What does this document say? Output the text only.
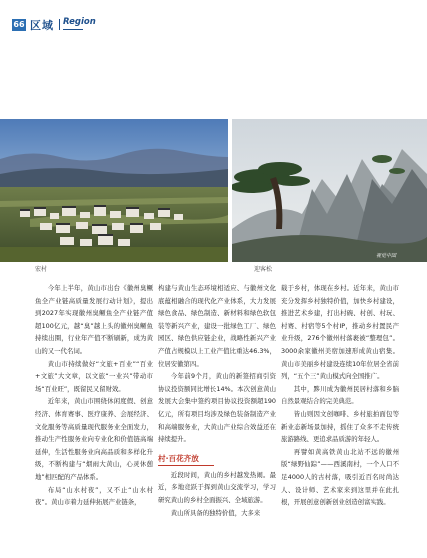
66 区域 Region
视觉中国
宏村	迎客松

今年上半年，黄山市出台《徽州臭鳜鱼全产业链高质量发展行动计划》，提出到2027年实现徽州臭鳜鱼全产业链产值超100亿元，越“臭”越上头的徽州臭鳜鱼持续出圈，行业年产值不断刷新，成为黄山的又一代名词。

黄山市持续做好“文旅+百业”“百业+文旅”大文章，以文旅“一业兴”带动市场“百业旺”，既留民又留财效。

近年来，黄山市围绕休闲度假、创意经济、体育赛事、医疗康养、会展经济、文化服务等高质量现代服务业全面发力，推动生产性服务业向专业化和价值链高端延伸，生活性服务业向高品质和多样化升级，不断构建与“烟雨大黄山，心灵休憩地”相匹配的产品体系。

布局“山水村夜”，又不止“山水村夜”。黄山市着力延伸拓展产业链条，

构建与黄山生态环境相适应、与徽州文化底蕴相融合的现代化产业体系，大力发展绿色食品、绿色制造、新材料和绿色软包装等新兴产业，建设一批绿色工厂、绿色园区、绿色供应链企业，战略性新兴产业产值占规模以上工业产值比重达46.3%，位居安徽第四。

今年前9个月，黄山的新签招商引资协议投资额同比增长14%。本次创意黄山发展大会集中签约项目协议投资额超190亿元，所有项目均涉及绿色装备制造产业和高端服务业，大黄山产业综合效益还在持续提升。

村·百花齐放

近段时间，黄山的乡村越发热闹。最近，多地竞跃于挥到黄山交流学习，学习研究黄山的乡村全面振兴、全域旅游。

黄山所具备的独特价值，大多来

载于乡村，体现在乡村。近年来，黄山市充分发挥乡村独特价值，加快乡村建设，推进艺术乡建，打出村碗、村创、村玩、村赛、村宿等5个村IP，推动乡村置民产业升级，276个徽州村落裹被“整理包”。3000余家徽州美宿加速形成黄山宿集。黄山市美丽乡村建设连续10年位居全省前列，“五个三”黄山模式向全国推广。

其中，黟川成为徽州民居村落和乡脑自然景观结合的完美典范。

皆山则因文创咖啡、乡村旅拍面包等新业态新场景加持，摇住了众多不走传统旅游路线、更追求品质游的年轻人。

再譬如黄高铁黄山北站不远的徽州版“绿野仙踪”——西溪南村，一个人口不足4000人的古村落，吸引近百名时尚达人、设计师、艺术家来到这里并在此扎根，开展创意创新创业创造创富实践。
